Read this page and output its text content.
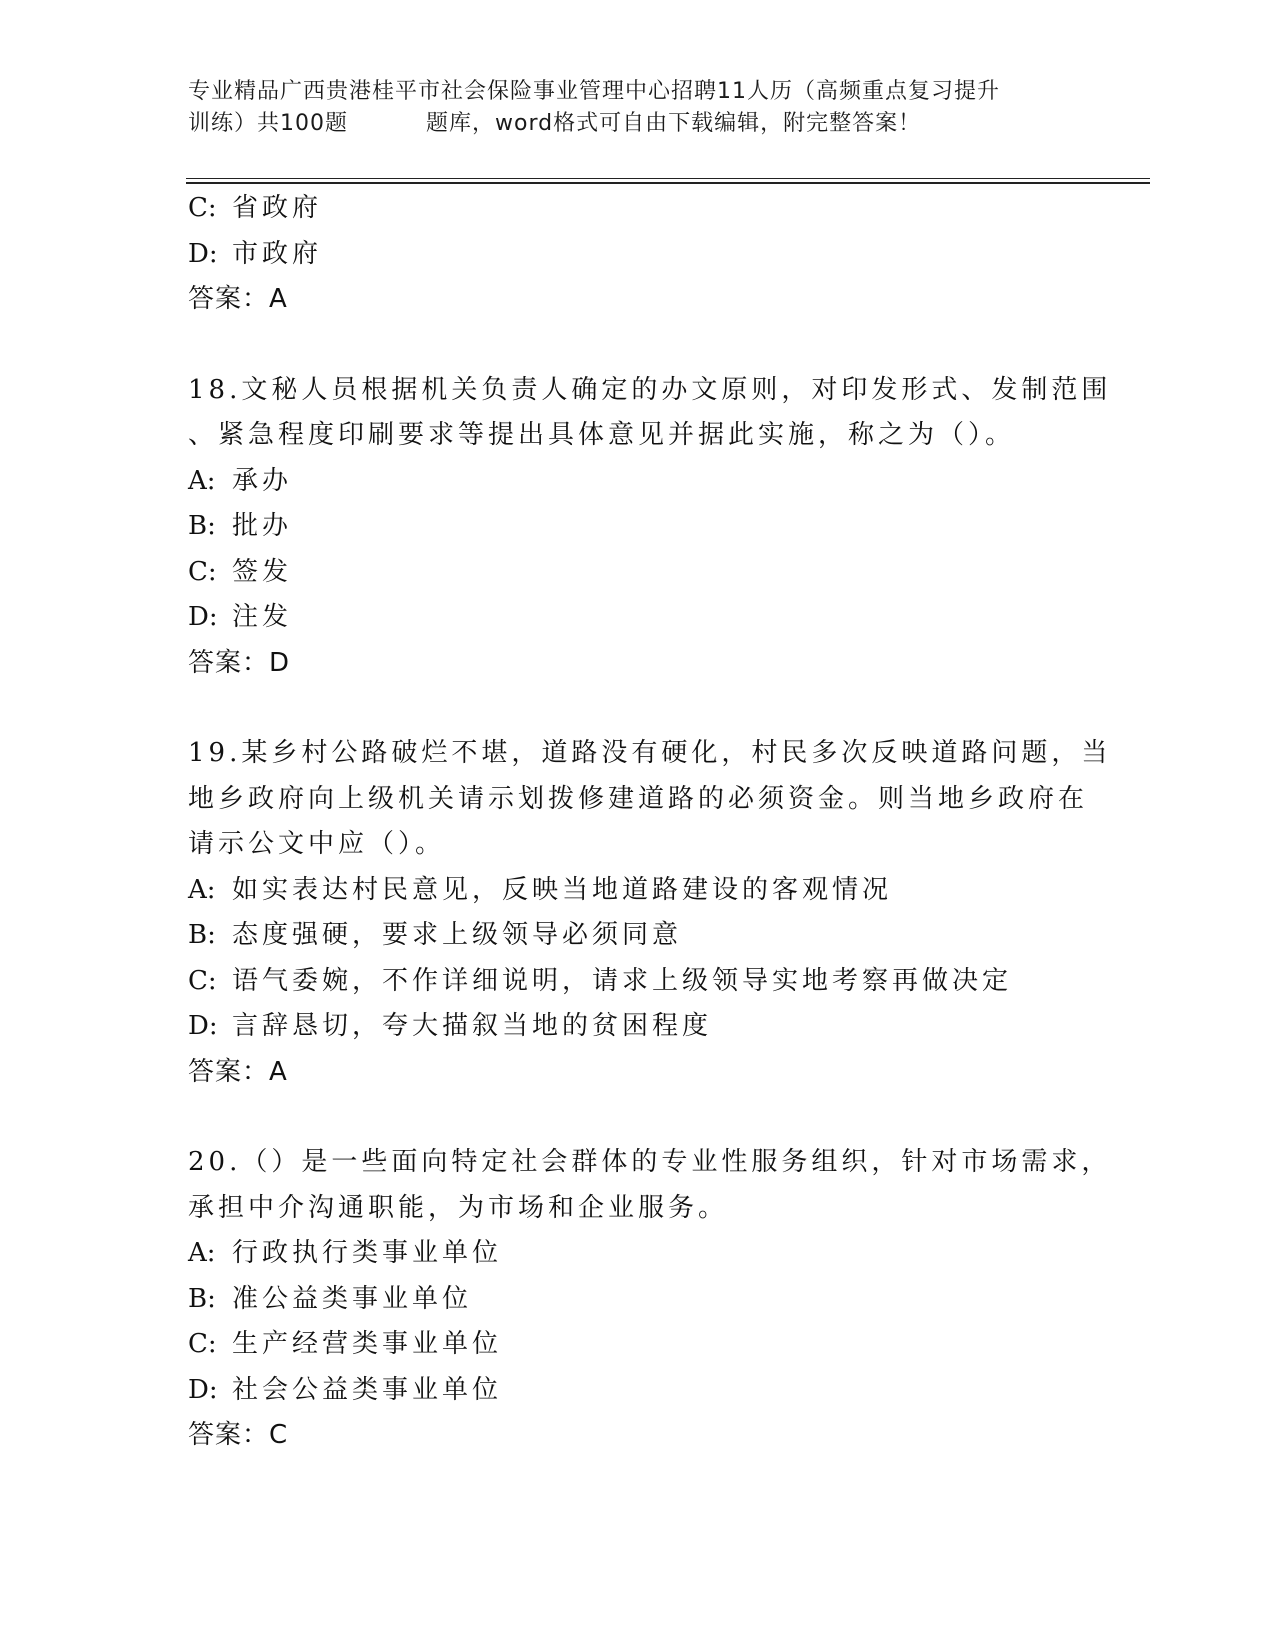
专业精品广西贵港桂平市社会保险事业管理中心招聘11人历（高频重点复习提升
训练）共100题	题库，word格式可自由下载编辑，附完整答案！

C: 省政府

D: 市政府

答案：A

18.文秘人员根据机关负责人确定的办文原则，对印发形式、发制范围

、紧急程度印刷要求等提出具体意见并据此实施，称之为（）。

A: 承办

B: 批办

C: 签发

D: 注发

答案：D

19.某乡村公路破烂不堪，道路没有硬化，村民多次反映道路问题，当

地乡政府向上级机关请示划拨修建道路的必须资金。则当地乡政府在

请示公文中应（）。

A: 如实表达村民意见，反映当地道路建设的客观情况

B: 态度强硬，要求上级领导必须同意

C: 语气委婉，不作详细说明，请求上级领导实地考察再做决定

D: 言辞恳切，夸大描叙当地的贫困程度

答案：A

20.（）是一些面向特定社会群体的专业性服务组织，针对市场需求，

承担中介沟通职能，为市场和企业服务。

A: 行政执行类事业单位

B: 准公益类事业单位

C: 生产经营类事业单位

D: 社会公益类事业单位

答案：C
